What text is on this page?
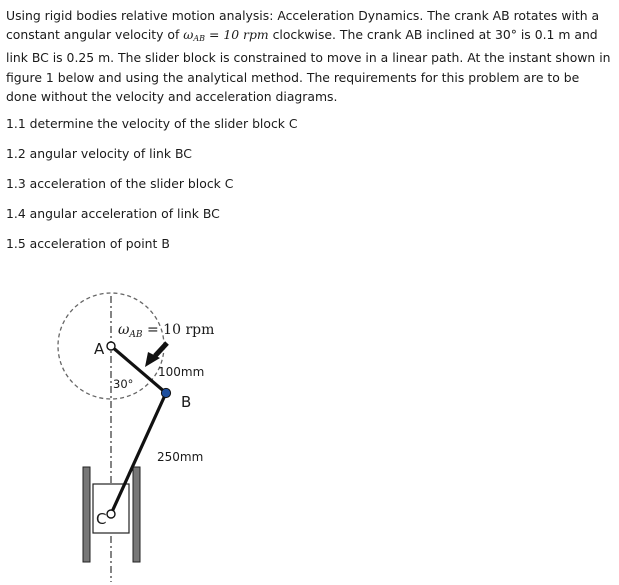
Using rigid bodies relative motion analysis: Acceleration Dynamics. The crank AB rotates with a constant angular velocity of $\omega_{AB} = 10$ rpm clockwise. The crank AB inclined at 30° is 0.1 m and link BC is 0.25 m. The slider block is constrained to move in a linear path. At the instant shown in figure 1 below and using the analytical method. The requirements for this problem are to be done without the velocity and acceleration diagrams.

1.1 determine the velocity of the slider block C

1.2 angular velocity of link BC

1.3 acceleration of the slider block C

1.4 angular acceleration of link BC

1.5 acceleration of point B

$\omega_{AB} = 10$ rpm
A
B
C
30°
100mm
250mm
